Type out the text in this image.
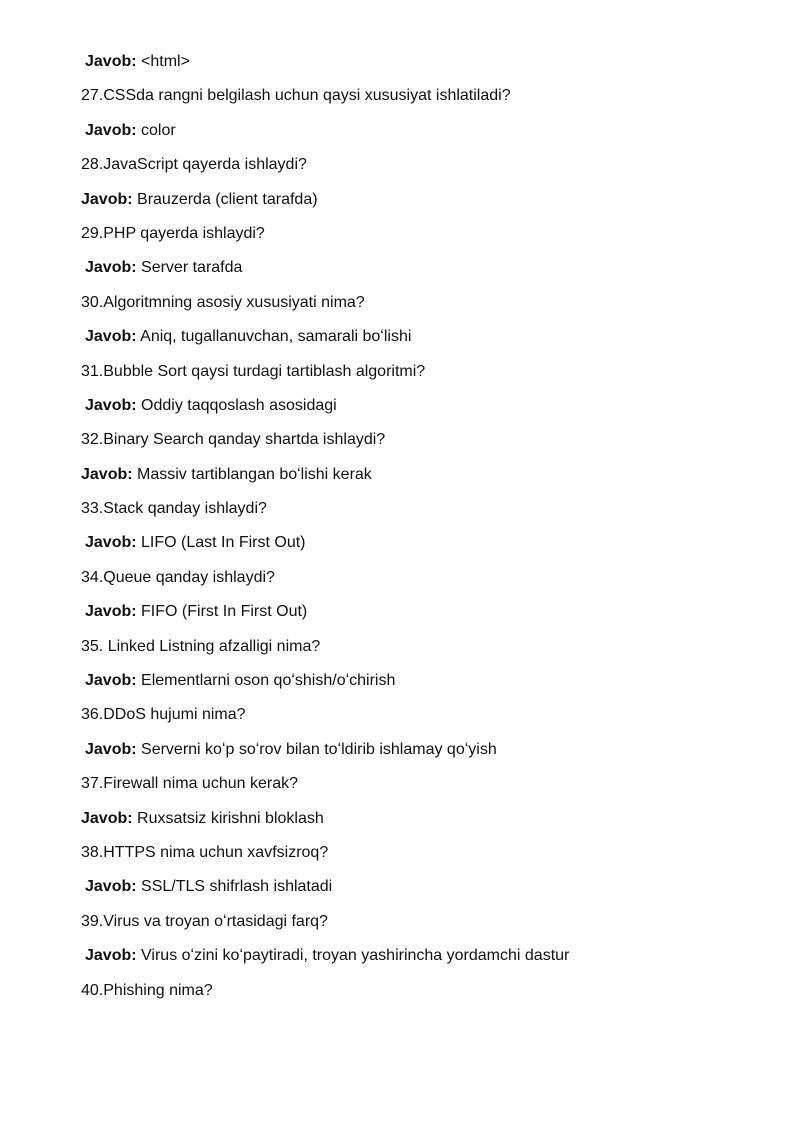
Javob: <html>
27.CSSda rangni belgilash uchun qaysi xususiyat ishlatiladi?
Javob: color
28.JavaScript qayerda ishlaydi?
Javob: Brauzerda (client tarafda)
29.PHP qayerda ishlaydi?
Javob: Server tarafda
30.Algoritmning asosiy xususiyati nima?
Javob: Aniq, tugallanuvchan, samarali boʻlishi
31.Bubble Sort qaysi turdagi tartiblash algoritmi?
Javob: Oddiy taqqoslash asosidagi
32.Binary Search qanday shartda ishlaydi?
Javob: Massiv tartiblangan boʻlishi kerak
33.Stack qanday ishlaydi?
Javob: LIFO (Last In First Out)
34.Queue qanday ishlaydi?
Javob: FIFO (First In First Out)
35. Linked Listning afzalligi nima?
Javob: Elementlarni oson qoʻshish/oʻchirish
36.DDoS hujumi nima?
Javob: Serverni koʻp soʻrov bilan toʻldirib ishlamay qoʻyish
37.Firewall nima uchun kerak?
Javob: Ruxsatsiz kirishni bloklash
38.HTTPS nima uchun xavfsizroq?
Javob: SSL/TLS shifrlash ishlatadi
39.Virus va troyan oʻrtasidagi farq?
Javob: Virus oʻzini koʻpaytiradi, troyan yashirincha yordamchi dastur
40.Phishing nima?
